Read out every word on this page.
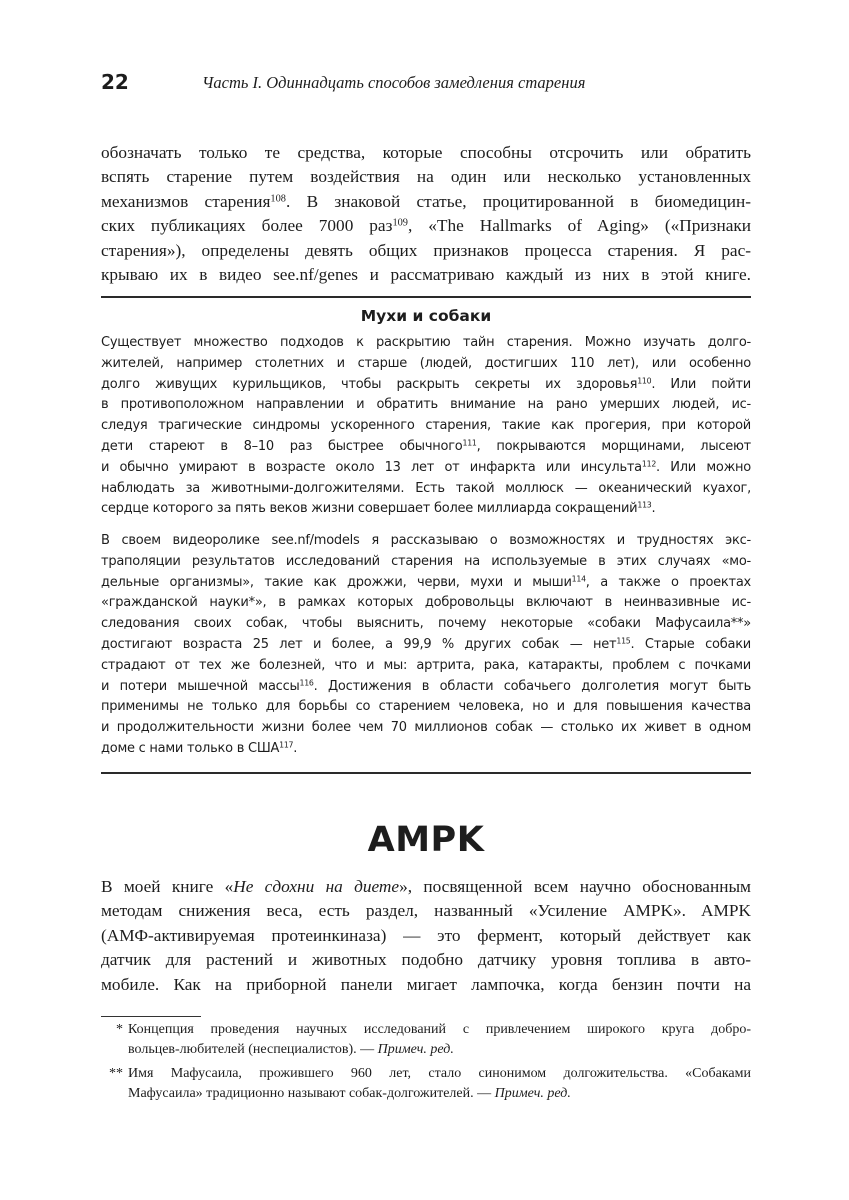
22	Часть I. Одиннадцать способов замедления старения
обозначать только те средства, которые способны отсрочить или обратить
вспять старение путем воздействия на один или несколько установленных
механизмов старения$^{108}$. В знаковой статье, процитированной в биомедицин-
ских публикациях более 7000 раз$^{109}$, «The Hallmarks of Aging» («Признаки
старения»), определены девять общих признаков процесса старения. Я рас-
крываю их в видео see.nf/genes и рассматриваю каждый из них в этой книге.
Мухи и собаки
Существует множество подходов к раскрытию тайн старения. Можно изучать долго-
жителей, например столетних и старше (людей, достигших 110 лет), или особенно
долго живущих курильщиков, чтобы раскрыть секреты их здоровья$^{110}$. Или пойти
в противоположном направлении и обратить внимание на рано умерших людей, ис-
следуя трагические синдромы ускоренного старения, такие как прогерия, при которой
дети стареют в 8–10 раз быстрее обычного$^{111}$, покрываются морщинами, лысеют
и обычно умирают в возрасте около 13 лет от инфаркта или инсульта$^{112}$. Или можно
наблюдать за животными-долгожителями. Есть такой моллюск — океанический куахог,
сердце которого за пять веков жизни совершает более миллиарда сокращений$^{113}$.
В своем видеоролике see.nf/models я рассказываю о возможностях и трудностях экс-
траполяции результатов исследований старения на используемые в этих случаях «мо-
дельные организмы», такие как дрожжи, черви, мухи и мыши$^{114}$, а также о проектах
«гражданской науки*», в рамках которых добровольцы включают в неинвазивные ис-
следования своих собак, чтобы выяснить, почему некоторые «собаки Мафусаила**»
достигают возраста 25 лет и более, а 99,9 % других собак — нет$^{115}$. Старые собаки
страдают от тех же болезней, что и мы: артрита, рака, катаракты, проблем с почками
и потери мышечной массы$^{116}$. Достижения в области собачьего долголетия могут быть
применимы не только для борьбы со старением человека, но и для повышения качества
и продолжительности жизни более чем 70 миллионов собак — столько их живет в одном
доме с нами только в США$^{117}$.
AMPK
В моей книге «Не сдохни на диете», посвященной всем научно обоснованным
методам снижения веса, есть раздел, названный «Усиление AMPK». AMPK
(АМФ-активируемая протеинкиназа) — это фермент, который действует как
датчик для растений и животных подобно датчику уровня топлива в авто-
мобиле. Как на приборной панели мигает лампочка, когда бензин почти на
* Концепция проведения научных исследований с привлечением широкого круга добро-
вольцев-любителей (неспециалистов). — Примеч. ред.
** Имя Мафусаила, прожившего 960 лет, стало синонимом долгожительства. «Собаками
Мафусаила» традиционно называют собак-долгожителей. — Примеч. ред.
